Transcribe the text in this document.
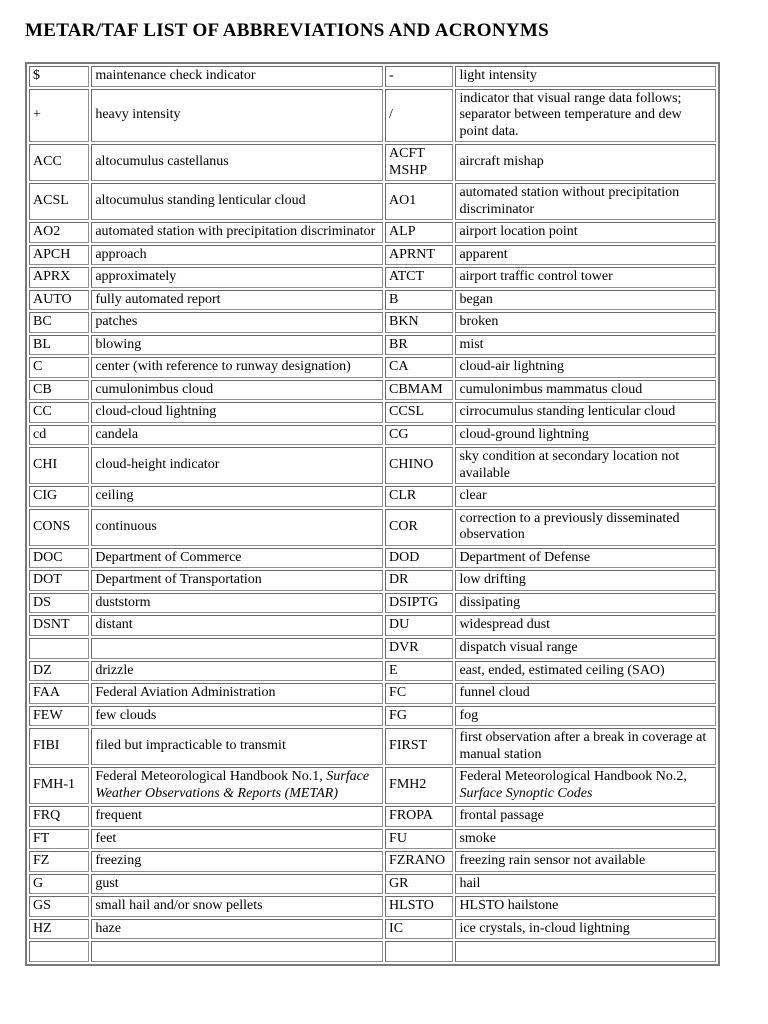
METAR/TAF LIST OF ABBREVIATIONS AND ACRONYMS
$	maintenance check indicator	-	light intensity
+	heavy intensity	/	indicator that visual range data follows; separator between temperature and dew point data.
ACC	altocumulus castellanus	ACFT MSHP	aircraft mishap
ACSL	altocumulus standing lenticular cloud	AO1	automated station without precipitation discriminator
AO2	automated station with precipitation discriminator	ALP	airport location point
APCH	approach	APRNT	apparent
APRX	approximately	ATCT	airport traffic control tower
AUTO	fully automated report	B	began
BC	patches	BKN	broken
BL	blowing	BR	mist
C	center (with reference to runway designation)	CA	cloud-air lightning
CB	cumulonimbus cloud	CBMAM	cumulonimbus mammatus cloud
CC	cloud-cloud lightning	CCSL	cirrocumulus standing lenticular cloud
cd	candela	CG	cloud-ground lightning
CHI	cloud-height indicator	CHINO	sky condition at secondary location not available
CIG	ceiling	CLR	clear
CONS	continuous	COR	correction to a previously disseminated observation
DOC	Department of Commerce	DOD	Department of Defense
DOT	Department of Transportation	DR	low drifting
DS	duststorm	DSIPTG	dissipating
DSNT	distant	DU	widespread dust
		DVR	dispatch visual range
DZ	drizzle	E	east, ended, estimated ceiling (SAO)
FAA	Federal Aviation Administration	FC	funnel cloud
FEW	few clouds	FG	fog
FIBI	filed but impracticable to transmit	FIRST	first observation after a break in coverage at manual station
FMH-1	Federal Meteorological Handbook No.1, Surface Weather Observations & Reports (METAR)	FMH2	Federal Meteorological Handbook No.2, Surface Synoptic Codes
FRQ	frequent	FROPA	frontal passage
FT	feet	FU	smoke
FZ	freezing	FZRANO	freezing rain sensor not available
G	gust	GR	hail
GS	small hail and/or snow pellets	HLSTO	HLSTO hailstone
HZ	haze	IC	ice crystals, in-cloud lightning
